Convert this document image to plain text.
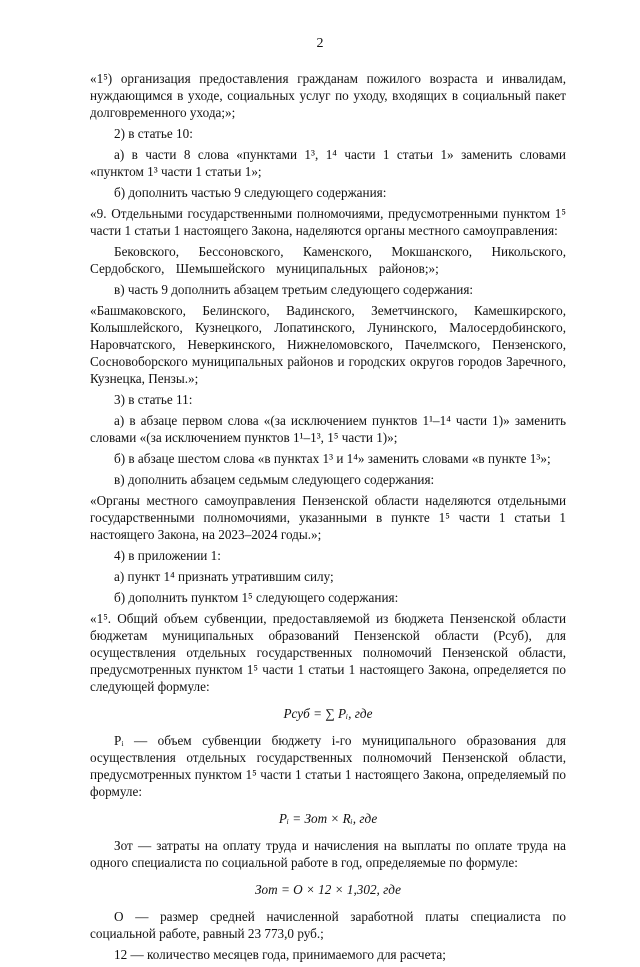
2

«1⁵) организация предоставления гражданам пожилого возраста и инвалидам, нуждающимся в уходе, социальных услуг по уходу, входящих в социальный пакет долговременного ухода;»;

2) в статье 10:

а) в части 8 слова «пунктами 1³, 1⁴ части 1 статьи 1» заменить словами «пунктом 1³ части 1 статьи 1»;

б) дополнить частью 9 следующего содержания:

«9. Отдельными государственными полномочиями, предусмотренными пунктом 1⁵ части 1 статьи 1 настоящего Закона, наделяются органы местного самоуправления:

Бековского, Бессоновского, Каменского, Мокшанского, Никольского, Сердобского, Шемышейского муниципальных районов;»;

в) часть 9 дополнить абзацем третьим следующего содержания:

«Башмаковского, Белинского, Вадинского, Земетчинского, Камешкирского, Колышлейского, Кузнецкого, Лопатинского, Лунинского, Малосердобинского, Наровчатского, Неверкинского, Нижнеломовского, Пачелмского, Пензенского, Сосновоборского муниципальных районов и городских округов городов Заречного, Кузнецка, Пензы.»;

3) в статье 11:

а) в абзаце первом слова «(за исключением пунктов 1¹–1⁴ части 1)» заменить словами «(за исключением пунктов 1¹–1³, 1⁵ части 1)»;

б) в абзаце шестом слова «в пунктах 1³ и 1⁴» заменить словами «в пункте 1³»;

в) дополнить абзацем седьмым следующего содержания:

«Органы местного самоуправления Пензенской области наделяются отдельными государственными полномочиями, указанными в пункте 1⁵ части 1 статьи 1 настоящего Закона, на 2023–2024 годы.»;

4) в приложении 1:

а) пункт 1⁴ признать утратившим силу;

б) дополнить пунктом 1⁵ следующего содержания:

«1⁵. Общий объем субвенции, предоставляемой из бюджета Пензенской области бюджетам муниципальных образований Пензенской области (Pсуб), для осуществления отдельных государственных полномочий Пензенской области, предусмотренных пунктом 1⁵ части 1 статьи 1 настоящего Закона, определяется по следующей формуле:

Pсуб = ∑ Pᵢ, где

Pᵢ — объем субвенции бюджету i-го муниципального образования для осуществления отдельных государственных полномочий Пензенской области, предусмотренных пунктом 1⁵ части 1 статьи 1 настоящего Закона, определяемый по формуле:

Pᵢ = Зот × Rᵢ, где

Зот — затраты на оплату труда и начисления на выплаты по оплате труда на одного специалиста по социальной работе в год, определяемые по формуле:

Зот = О × 12 × 1,302, где

О — размер средней начисленной заработной платы специалиста по социальной работе, равный 23 773,0 руб.;

12 — количество месяцев года, принимаемого для расчета;
